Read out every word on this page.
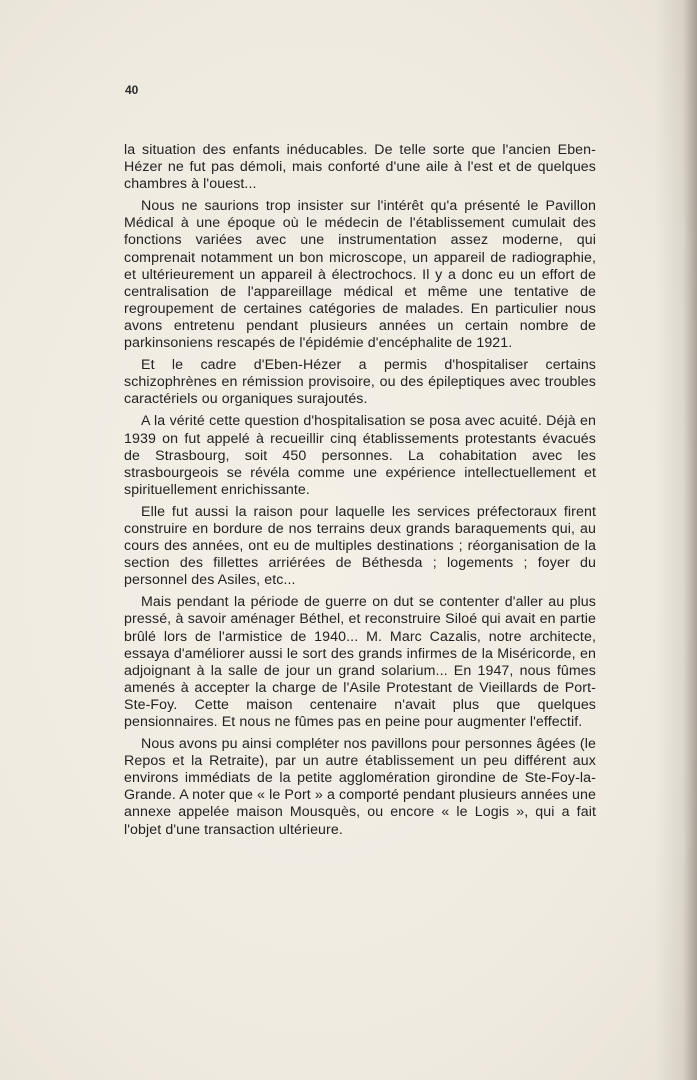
40

la situation des enfants inéducables. De telle sorte que l'ancien Eben-Hézer ne fut pas démoli, mais conforté d'une aile à l'est et de quelques chambres à l'ouest...

Nous ne saurions trop insister sur l'intérêt qu'a présenté le Pavillon Médical à une époque où le médecin de l'établissement cumulait des fonctions variées avec une instrumentation assez moderne, qui comprenait notamment un bon microscope, un appareil de radiographie, et ultérieurement un appareil à électrochocs. Il y a donc eu un effort de centralisation de l'appareillage médical et même une tentative de regroupement de certaines catégories de malades. En particulier nous avons entretenu pendant plusieurs années un certain nombre de parkinsoniens rescapés de l'épidémie d'encéphalite de 1921.

Et le cadre d'Eben-Hézer a permis d'hospitaliser certains schizophrènes en rémission provisoire, ou des épileptiques avec troubles caractériels ou organiques surajoutés.

A la vérité cette question d'hospitalisation se posa avec acuité. Déjà en 1939 on fut appelé à recueillir cinq établissements protestants évacués de Strasbourg, soit 450 personnes. La cohabitation avec les strasbourgeois se révéla comme une expérience intellectuellement et spirituellement enrichissante.

Elle fut aussi la raison pour laquelle les services préfectoraux firent construire en bordure de nos terrains deux grands baraquements qui, au cours des années, ont eu de multiples destinations ; réorganisation de la section des fillettes arriérées de Béthesda ; logements ; foyer du personnel des Asiles, etc...

Mais pendant la période de guerre on dut se contenter d'aller au plus pressé, à savoir aménager Béthel, et reconstruire Siloé qui avait en partie brûlé lors de l'armistice de 1940... M. Marc Cazalis, notre architecte, essaya d'améliorer aussi le sort des grands infirmes de la Miséricorde, en adjoignant à la salle de jour un grand solarium... En 1947, nous fûmes amenés à accepter la charge de l'Asile Protestant de Vieillards de Port-Ste-Foy. Cette maison centenaire n'avait plus que quelques pensionnaires. Et nous ne fûmes pas en peine pour augmenter l'effectif.

Nous avons pu ainsi compléter nos pavillons pour personnes âgées (le Repos et la Retraite), par un autre établissement un peu différent aux environs immédiats de la petite agglomération girondine de Ste-Foy-la-Grande. A noter que « le Port » a comporté pendant plusieurs années une annexe appelée maison Mousquès, ou encore « le Logis », qui a fait l'objet d'une transaction ultérieure.
